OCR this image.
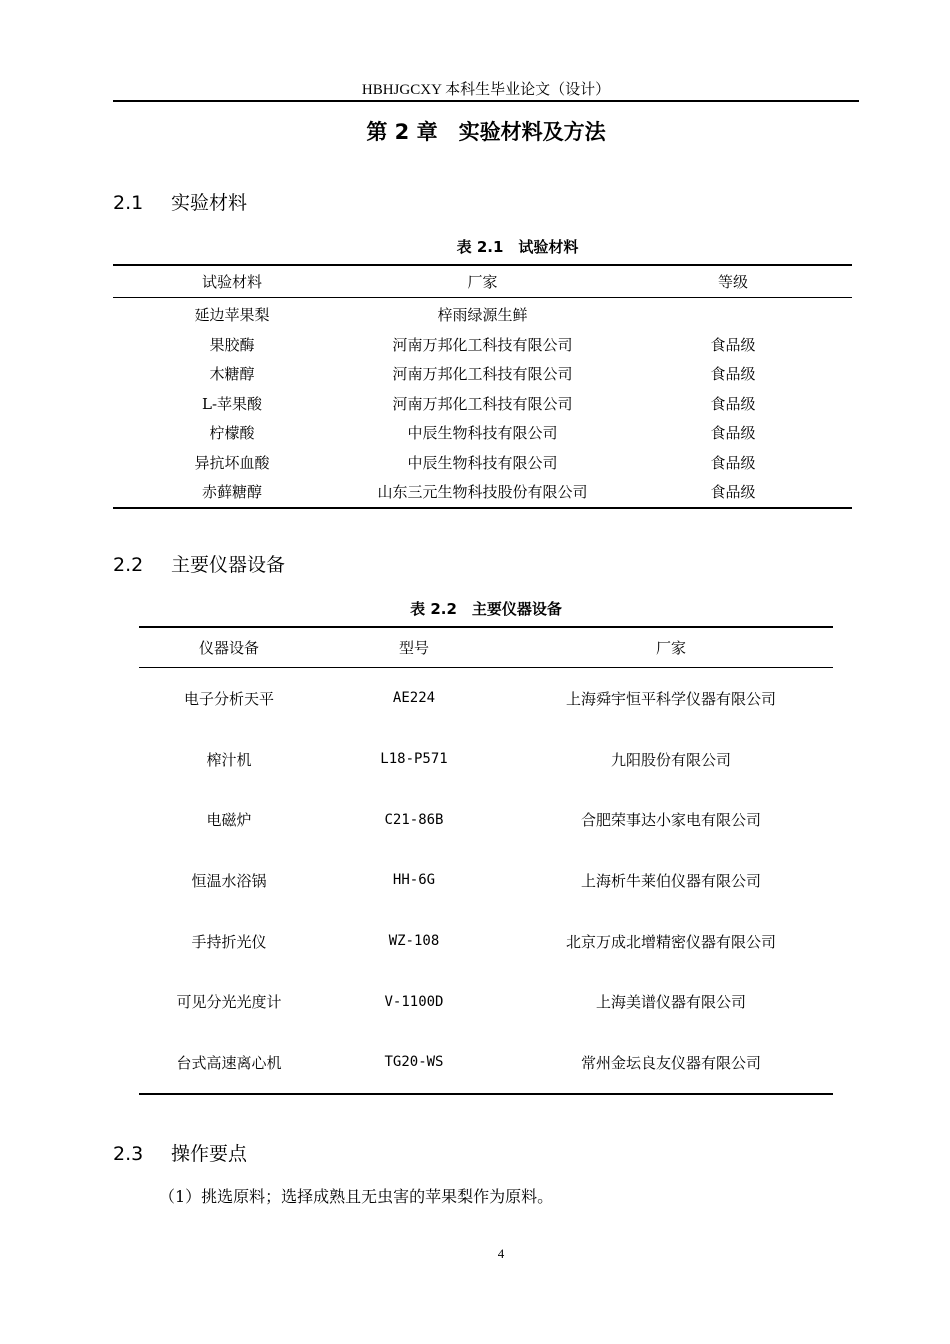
HBHJGCXY 本科生毕业论文（设计）
第 2 章　实验材料及方法
2.1 实验材料
表 2.1　试验材料
试验材料	厂家	等级
延边苹果梨	梓雨绿源生鲜	
果胶酶	河南万邦化工科技有限公司	食品级
木糖醇	河南万邦化工科技有限公司	食品级
L-苹果酸	河南万邦化工科技有限公司	食品级
柠檬酸	中辰生物科技有限公司	食品级
异抗坏血酸	中辰生物科技有限公司	食品级
赤藓糖醇	山东三元生物科技股份有限公司	食品级
2.2 主要仪器设备
表 2.2　主要仪器设备
仪器设备	型号	厂家
电子分析天平	AE224	上海舜宇恒平科学仪器有限公司
榨汁机	L18-P571	九阳股份有限公司
电磁炉	C21-86B	合肥荣事达小家电有限公司
恒温水浴锅	HH-6G	上海析牛莱伯仪器有限公司
手持折光仪	WZ-108	北京万成北增精密仪器有限公司
可见分光光度计	V-1100D	上海美谱仪器有限公司
台式高速离心机	TG20-WS	常州金坛良友仪器有限公司
2.3 操作要点
（1）挑选原料；选择成熟且无虫害的苹果梨作为原料。
4
